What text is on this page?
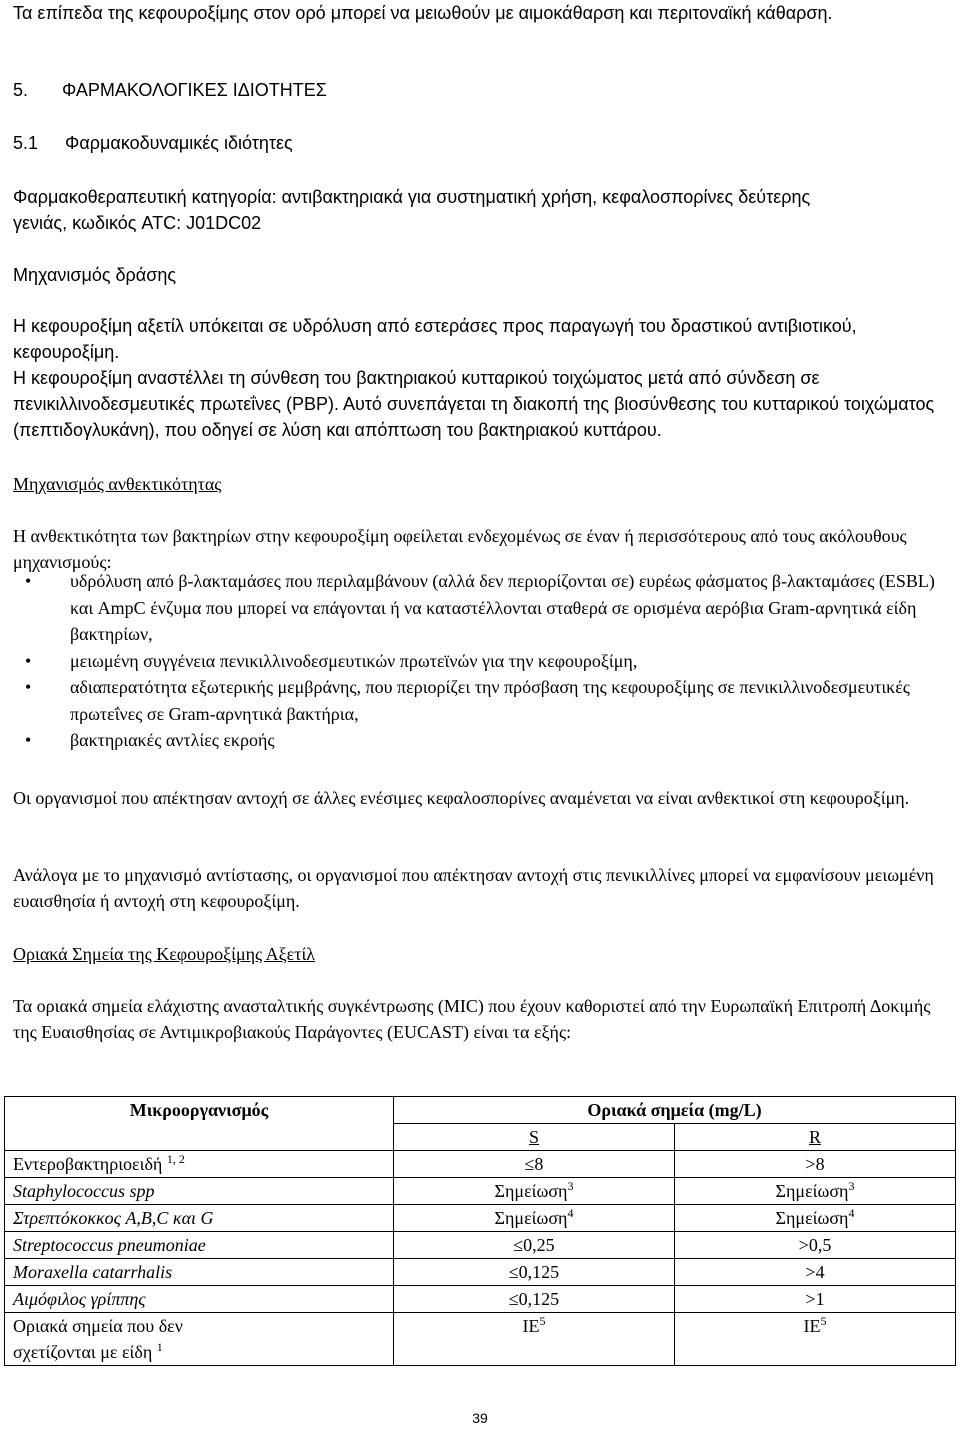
Τα επίπεδα της κεφουροξίμης στον ορό μπορεί να μειωθούν με αιμοκάθαρση και περιτοναϊκή κάθαρση.
5. ΦΑΡΜΑΚΟΛΟΓΙΚΕΣ ΙΔΙΟΤΗΤΕΣ
5.1 Φαρμακοδυναμικές ιδιότητες
Φαρμακοθεραπευτική κατηγορία: αντιβακτηριακά για συστηματική χρήση, κεφαλοσπορίνες δεύτερης
γενιάς, κωδικός ATC: J01DC02
Μηχανισμός δράσης
Η κεφουροξίμη αξετίλ υπόκειται σε υδρόλυση από εστεράσες προς παραγωγή του δραστικού αντιβιοτικού, κεφουροξίμη.
Η κεφουροξίμη αναστέλλει τη σύνθεση του βακτηριακού κυτταρικού τοιχώματος μετά από σύνδεση σε πενικιλλινοδεσμευτικές πρωτεΐνες (PBP). Αυτό συνεπάγεται τη διακοπή της βιοσύνθεσης του κυτταρικού τοιχώματος (πεπτιδογλυκάνη), που οδηγεί σε λύση και απόπτωση του βακτηριακού κυττάρου.
Μηχανισμός ανθεκτικότητας
Η ανθεκτικότητα των βακτηρίων στην κεφουροξίμη οφείλεται ενδεχομένως σε έναν ή περισσότερους από τους ακόλουθους μηχανισμούς:
• υδρόλυση από β-λακταμάσες που περιλαμβάνουν (αλλά δεν περιορίζονται σε) ευρέως φάσματος β-λακταμάσες (ESBL) και AmpC ένζυμα που μπορεί να επάγονται ή να καταστέλλονται σταθερά σε ορισμένα αερόβια Gram-αρνητικά είδη βακτηρίων,
• μειωμένη συγγένεια πενικιλλινοδεσμευτικών πρωτεϊνών για την κεφουροξίμη,
• αδιαπερατότητα εξωτερικής μεμβράνης, που περιορίζει την πρόσβαση της κεφουροξίμης σε πενικιλλινοδεσμευτικές πρωτεΐνες σε Gram-αρνητικά βακτήρια,
• βακτηριακές αντλίες εκροής
Οι οργανισμοί που απέκτησαν αντοχή σε άλλες ενέσιμες κεφαλοσπορίνες αναμένεται να είναι ανθεκτικοί στη κεφουροξίμη.
Ανάλογα με το μηχανισμό αντίστασης, οι οργανισμοί που απέκτησαν αντοχή στις πενικιλλίνες μπορεί να εμφανίσουν μειωμένη ευαισθησία ή αντοχή στη κεφουροξίμη.
Οριακά Σημεία της Κεφουροξίμης Αξετίλ
Τα οριακά σημεία ελάχιστης ανασταλτικής συγκέντρωσης (MIC) που έχουν καθοριστεί από την Ευρωπαϊκή Επιτροπή Δοκιμής της Ευαισθησίας σε Αντιμικροβιακούς Παράγοντες (EUCAST) είναι τα εξής:
Μικροοργανισμός	Οριακά σημεία (mg/L)	
	S	R
Εντεροβακτηριοειδή $^{1, 2}$	≤8	>8
Staphylococcus spp	Σημείωση$^3$	Σημείωση$^3$
Στρεπτόκοκκος A,B,C και G	Σημείωση$^4$	Σημείωση$^4$
Streptococcus pneumoniae	≤0,25	>0,5
Moraxella catarrhalis	≤0,125	>4
Αιμόφιλος γρίππης	≤0,125	>1
Οριακά σημεία που δεν
σχετίζονται με είδη $^1$	$IE^5$	$IE^5$
39
